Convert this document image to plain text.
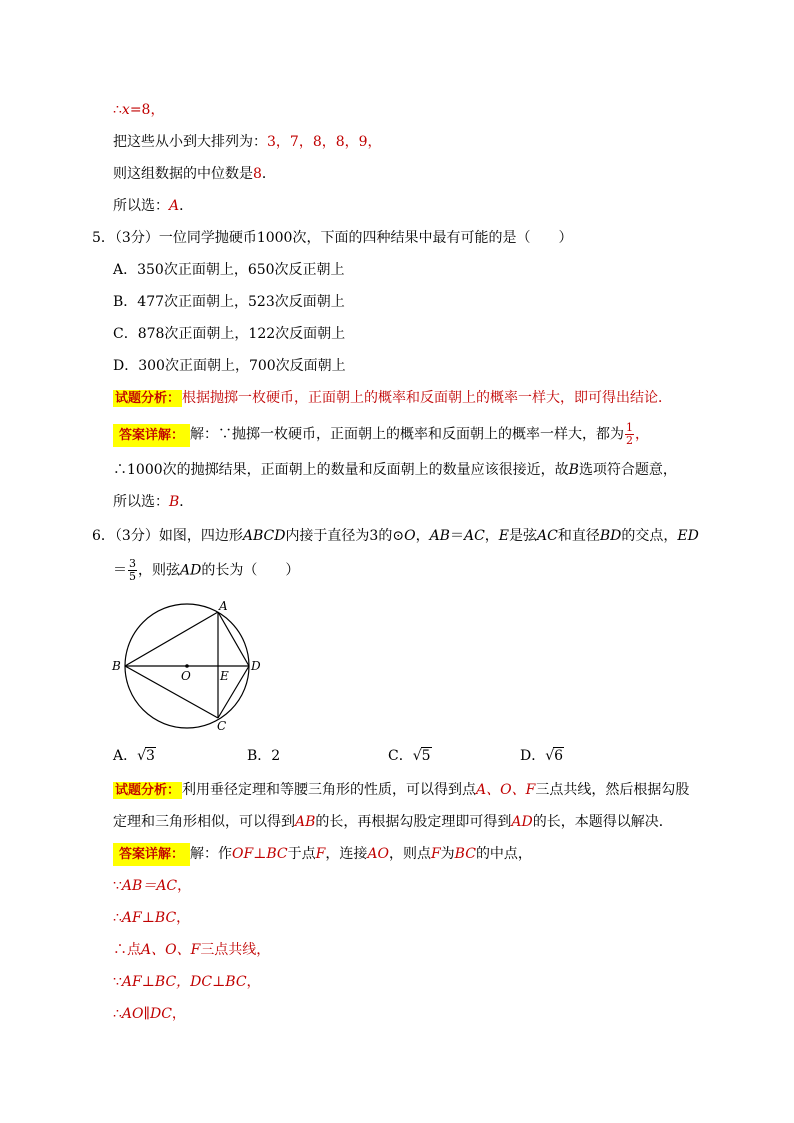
∴x=8，
把这些从小到大排列为：3，7，8，8，9，
则这组数据的中位数是8．
所以选：A．
5．（3分）一位同学抛硬币1000次，下面的四种结果中最有可能的是（　　）
A．350次正面朝上，650次反正朝上
B．477次正面朝上，523次反面朝上
C．878次正面朝上，122次反面朝上
D．300次正面朝上，700次反面朝上
试题分析： 根据抛掷一枚硬币，正面朝上的概率和反面朝上的概率一样大，即可得出结论．
答案详解： 解：∵抛掷一枚硬币，正面朝上的概率和反面朝上的概率一样大，都为 $\frac{1}{2}$ ，
∴1000次的抛掷结果，正面朝上的数量和反面朝上的数量应该很接近，故B选项符合题意，
所以选：B．
6．（3分）如图，四边形ABCD内接于直径为3的⊙O，AB＝AC，E是弦AC和直径BD的交点，ED
＝ $\frac{3}{5}$ ，则弦AD的长为（　　）
A
B
C
D
E
O
A．√3	B．2	C．√5	D．√6
试题分析： 利用垂径定理和等腰三角形的性质，可以得到点A、O、F三点共线，然后根据勾股
定理和三角形相似，可以得到AB的长，再根据勾股定理即可得到AD的长，本题得以解决．
答案详解： 解：作OF⊥BC于点F，连接AO，则点F为BC的中点，
∵AB＝AC，
∴AF⊥BC，
∴点A、O、F三点共线，
∵AF⊥BC，DC⊥BC，
∴AO∥DC，
